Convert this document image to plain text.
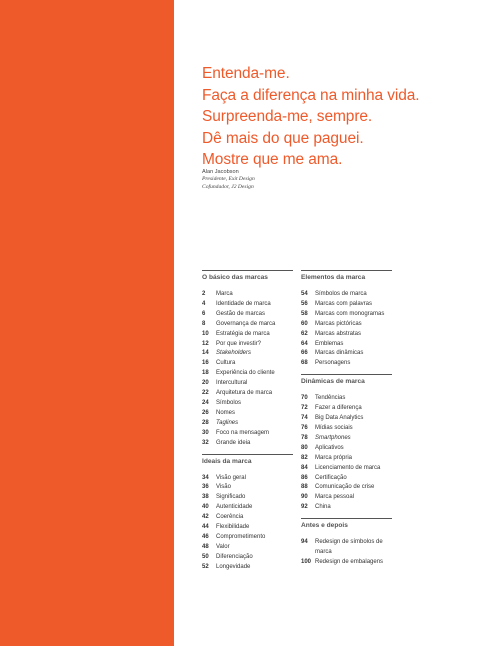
Entenda-me.
Faça a diferença na minha vida.
Surpreenda-me, sempre.
Dê mais do que paguei.
Mostre que me ama.
Alan Jacobson
Presidente, Exit Design
Cofundador, J2 Design
O básico das marcas
2	Marca
4	Identidade de marca
6	Gestão de marcas
8	Governança de marca
10	Estratégia de marca
12	Por que investir?
14	Stakeholders
16	Cultura
18	Experiência do cliente
20	Intercultural
22	Arquitetura de marca
24	Símbolos
26	Nomes
28	Taglines
30	Foco na mensagem
32	Grande ideia
Ideais da marca
34	Visão geral
36	Visão
38	Significado
40	Autenticidade
42	Coerência
44	Flexibilidade
46	Comprometimento
48	Valor
50	Diferenciação
52	Longevidade
Elementos da marca
54	Símbolos de marca
56	Marcas com palavras
58	Marcas com monogramas
60	Marcas pictóricas
62	Marcas abstratas
64	Emblemas
66	Marcas dinâmicas
68	Personagens
Dinâmicas de marca
70	Tendências
72	Fazer a diferença
74	Big Data Analytics
76	Mídias sociais
78	Smartphones
80	Aplicativos
82	Marca própria
84	Licenciamento de marca
86	Certificação
88	Comunicação de crise
90	Marca pessoal
92	China
Antes e depois
94	Redesign de símbolos de marca
100 Redesign de embalagens
